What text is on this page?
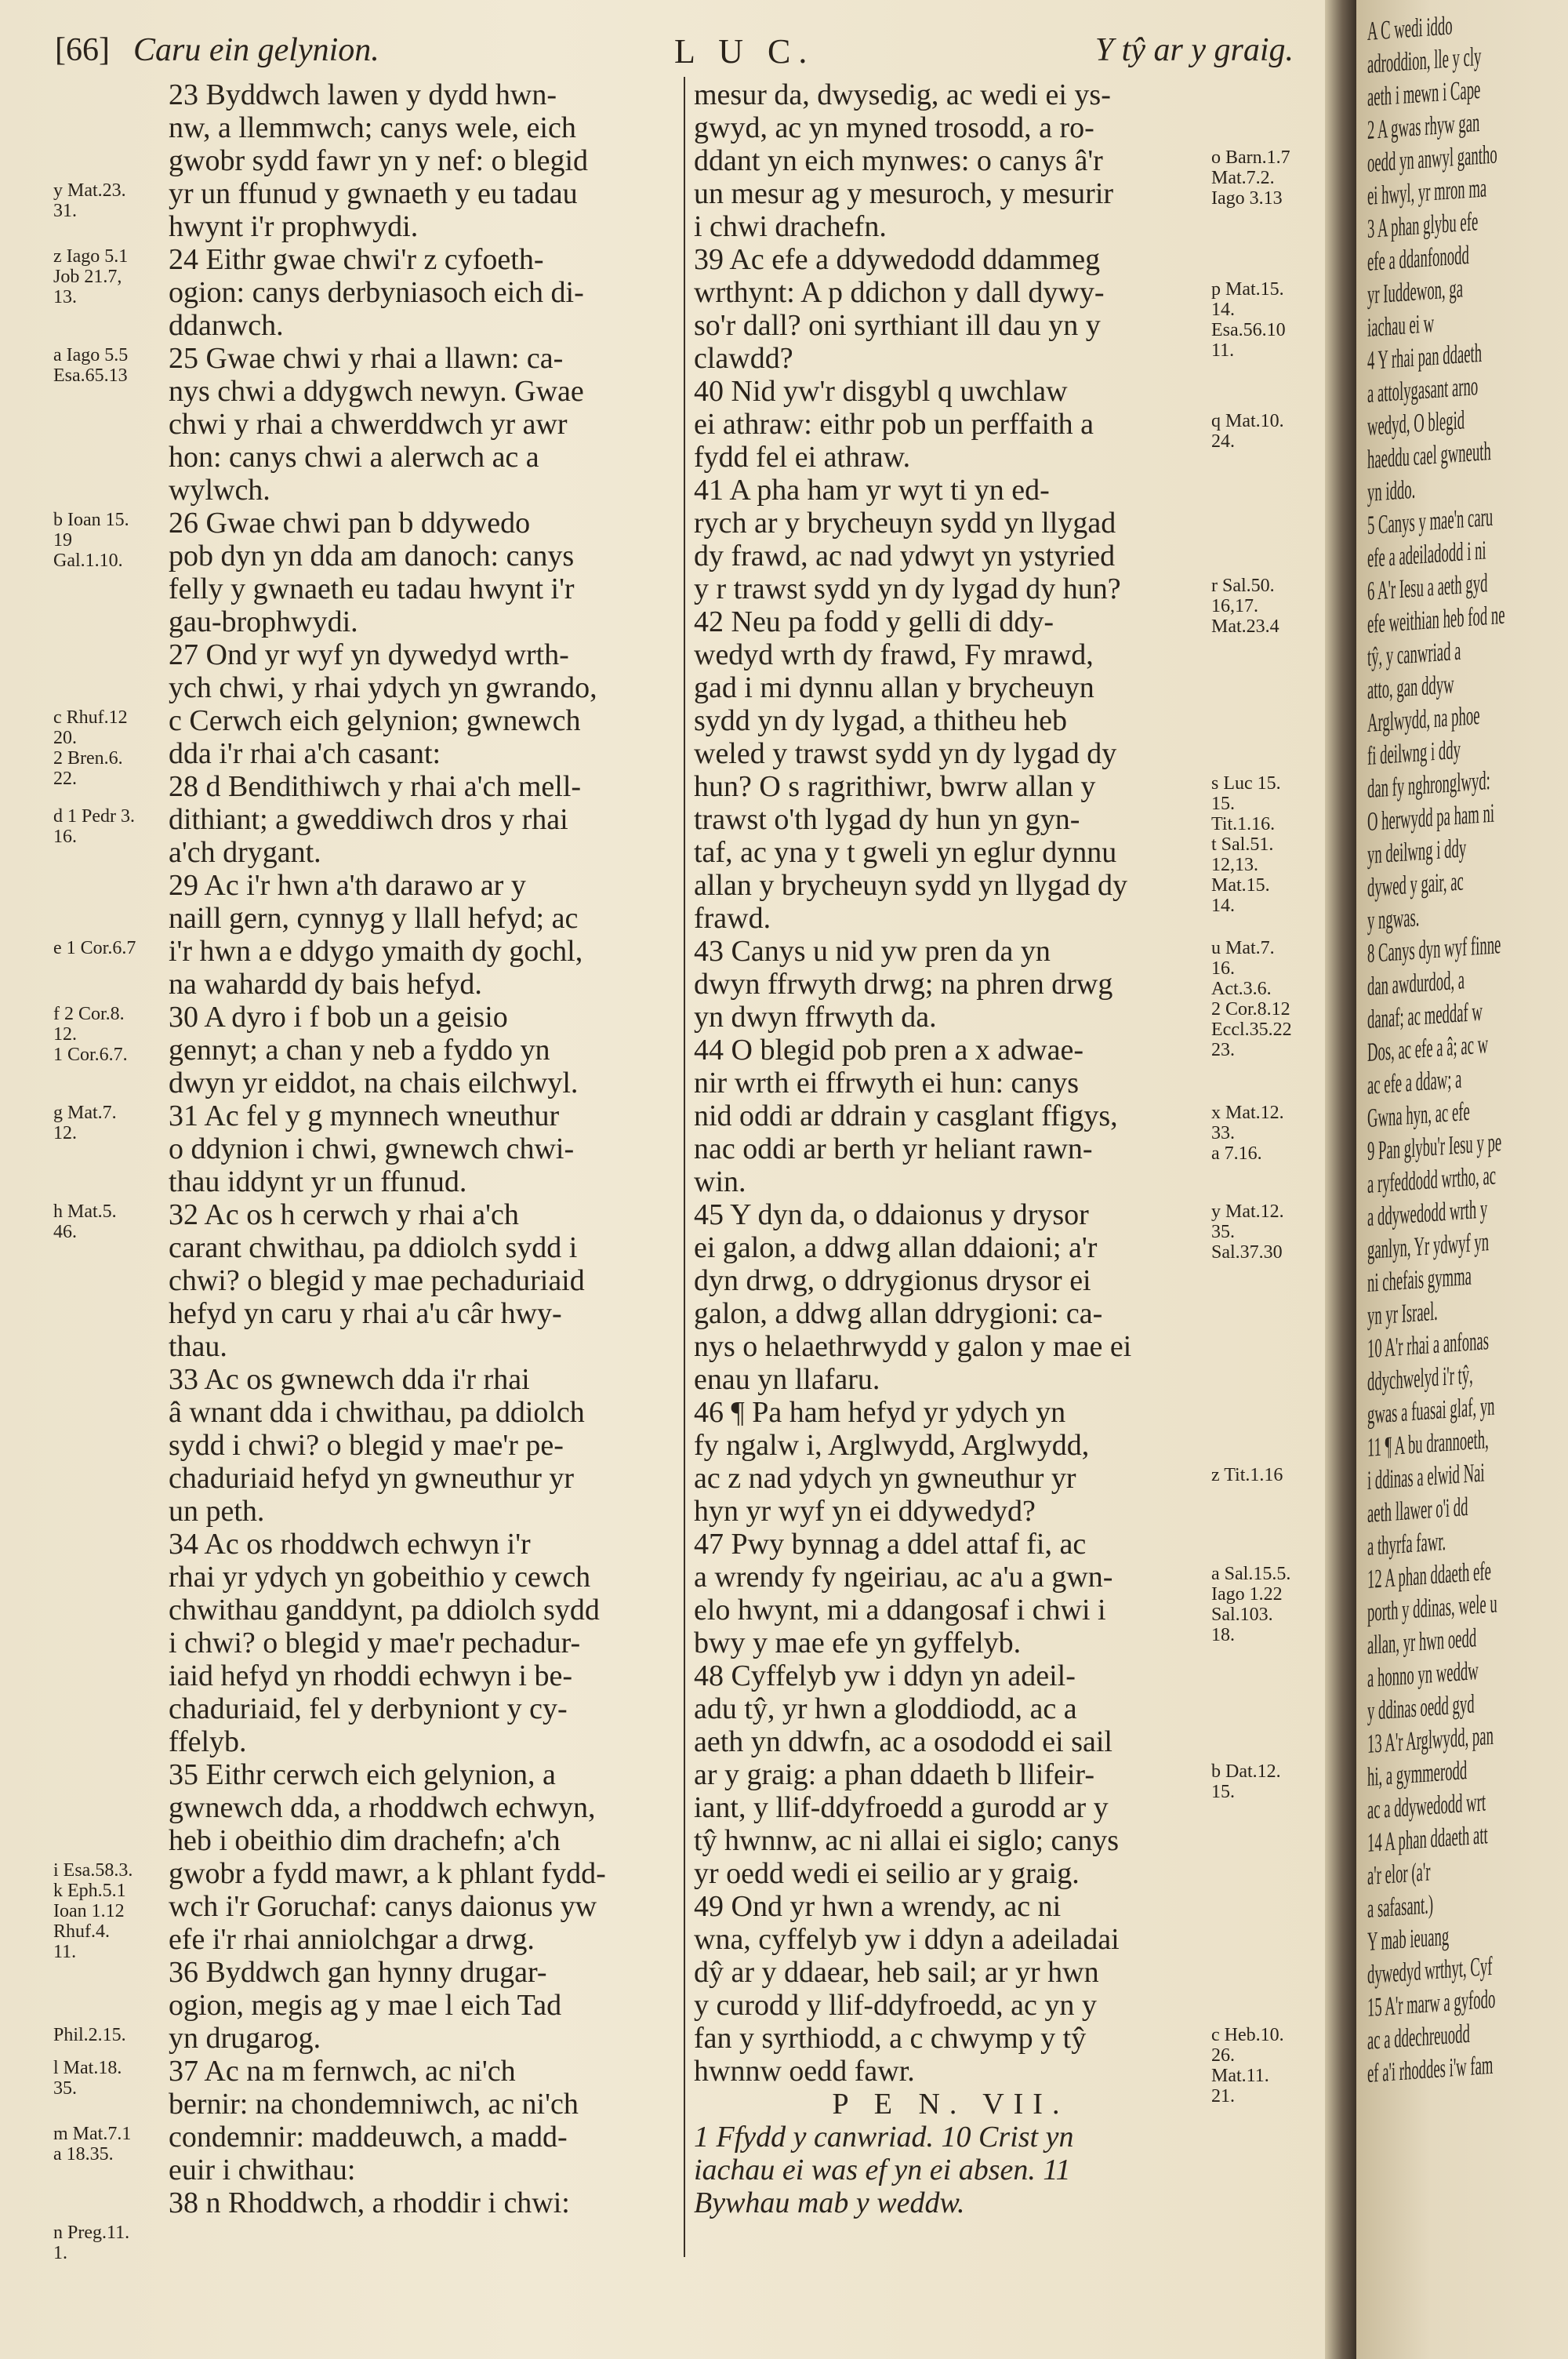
[66] Caru ein gelynion.	L U C.	Y tŷ ar y graig.
y Mat.23.
31.
z Iago 5.1
Job 21.7,
13.
a Iago 5.5
Esa.65.13
b Ioan 15.
19
Gal.1.10.
c Rhuf.12
20.
2 Bren.6.
22.
d 1 Pedr 3.
16.
e 1 Cor.6.7
f 2 Cor.8.
12.
1 Cor.6.7.
g Mat.7.
12.
h Mat.5.
46.
i Esa.58.3.
k Eph.5.1
Ioan 1.12
Rhuf.4.
11.
Phil.2.15.
l Mat.18.
35.
m Mat.7.1
a 18.35.
n Preg.11.
1.
23 Byddwch lawen y dydd hwn-
nw, a llemmwch; canys wele, eich
gwobr sydd fawr yn y nef: o blegid
yr un ffunud y gwnaeth y eu tadau
hwynt i'r prophwydi.
24 Eithr gwae chwi'r z cyfoeth-
ogion: canys derbyniasoch eich di-
ddanwch.
25 Gwae chwi y rhai a llawn: ca-
nys chwi a ddygwch newyn. Gwae
chwi y rhai a chwerddwch yr awr
hon: canys chwi a alerwch ac a
wylwch.
26 Gwae chwi pan b ddywedo
pob dyn yn dda am danoch: canys
felly y gwnaeth eu tadau hwynt i'r
gau-brophwydi.
27 Ond yr wyf yn dywedyd wrth-
ych chwi, y rhai ydych yn gwrando,
c Cerwch eich gelynion; gwnewch
dda i'r rhai a'ch casant:
28 d Bendithiwch y rhai a'ch mell-
dithiant; a gweddiwch dros y rhai
a'ch drygant.
29 Ac i'r hwn a'th darawo ar y
naill gern, cynnyg y llall hefyd; ac
i'r hwn a e ddygo ymaith dy gochl,
na wahardd dy bais hefyd.
30 A dyro i f bob un a geisio
gennyt; a chan y neb a fyddo yn
dwyn yr eiddot, na chais eilchwyl.
31 Ac fel y g mynnech wneuthur
o ddynion i chwi, gwnewch chwi-
thau iddynt yr un ffunud.
32 Ac os h cerwch y rhai a'ch
carant chwithau, pa ddiolch sydd i
chwi? o blegid y mae pechaduriaid
hefyd yn caru y rhai a'u câr hwy-
thau.
33 Ac os gwnewch dda i'r rhai
â wnant dda i chwithau, pa ddiolch
sydd i chwi? o blegid y mae'r pe-
chaduriaid hefyd yn gwneuthur yr
un peth.
34 Ac os rhoddwch echwyn i'r
rhai yr ydych yn gobeithio y cewch
chwithau ganddynt, pa ddiolch sydd
i chwi? o blegid y mae'r pechadur-
iaid hefyd yn rhoddi echwyn i be-
chaduriaid, fel y derbyniont y cy-
ffelyb.
35 Eithr cerwch eich gelynion, a
gwnewch dda, a rhoddwch echwyn,
heb i obeithio dim drachefn; a'ch
gwobr a fydd mawr, a k phlant fydd-
wch i'r Goruchaf: canys daionus yw
efe i'r rhai anniolchgar a drwg.
36 Byddwch gan hynny drugar-
ogion, megis ag y mae l eich Tad
yn drugarog.
37 Ac na m fernwch, ac ni'ch
bernir: na chondemniwch, ac ni'ch
condemnir: maddeuwch, a madd-
euir i chwithau:
38 n Rhoddwch, a rhoddir i chwi:
mesur da, dwysedig, ac wedi ei ys-
gwyd, ac yn myned trosodd, a ro-
ddant yn eich mynwes: o canys â'r
un mesur ag y mesuroch, y mesurir
i chwi drachefn.
39 Ac efe a ddywedodd ddammeg
wrthynt: A p ddichon y dall dywy-
so'r dall? oni syrthiant ill dau yn y
clawdd?
40 Nid yw'r disgybl q uwchlaw
ei athraw: eithr pob un perffaith a
fydd fel ei athraw.
41 A pha ham yr wyt ti yn ed-
rych ar y brycheuyn sydd yn llygad
dy frawd, ac nad ydwyt yn ystyried
y r trawst sydd yn dy lygad dy hun?
42 Neu pa fodd y gelli di ddy-
wedyd wrth dy frawd, Fy mrawd,
gad i mi dynnu allan y brycheuyn
sydd yn dy lygad, a thitheu heb
weled y trawst sydd yn dy lygad dy
hun? O s ragrithiwr, bwrw allan y
trawst o'th lygad dy hun yn gyn-
taf, ac yna y t gweli yn eglur dynnu
allan y brycheuyn sydd yn llygad dy
frawd.
43 Canys u nid yw pren da yn
dwyn ffrwyth drwg; na phren drwg
yn dwyn ffrwyth da.
44 O blegid pob pren a x adwae-
nir wrth ei ffrwyth ei hun: canys
nid oddi ar ddrain y casglant ffigys,
nac oddi ar berth yr heliant rawn-
win.
45 Y dyn da, o ddaionus y drysor
ei galon, a ddwg allan ddaioni; a'r
dyn drwg, o ddrygionus drysor ei
galon, a ddwg allan ddrygioni: ca-
nys o helaethrwydd y galon y mae ei
enau yn llafaru.
46 ¶ Pa ham hefyd yr ydych yn
fy ngalw i, Arglwydd, Arglwydd,
ac z nad ydych yn gwneuthur yr
hyn yr wyf yn ei ddywedyd?
47 Pwy bynnag a ddel attaf fi, ac
a wrendy fy ngeiriau, ac a'u a gwn-
elo hwynt, mi a ddangosaf i chwi i
bwy y mae efe yn gyffelyb.
48 Cyffelyb yw i ddyn yn adeil-
adu tŷ, yr hwn a gloddiodd, ac a
aeth yn ddwfn, ac a osododd ei sail
ar y graig: a phan ddaeth b llifeir-
iant, y llif-ddyfroedd a gurodd ar y
tŷ hwnnw, ac ni allai ei siglo; canys
yr oedd wedi ei seilio ar y graig.
49 Ond yr hwn a wrendy, ac ni
wna, cyffelyb yw i ddyn a adeiladai
dŷ ar y ddaear, heb sail; ar yr hwn
y curodd y llif-ddyfroedd, ac yn y
fan y syrthiodd, a c chwymp y tŷ
hwnnw oedd fawr.
P E N. VII.
1 Ffydd y canwriad. 10 Crist yn
iachau ei was ef yn ei absen. 11
Bywhau mab y weddw.
o Barn.1.7
Mat.7.2.
Iago 3.13
p Mat.15.
14.
Esa.56.10
11.
q Mat.10.
24.
r Sal.50.
16,17.
Mat.23.4
s Luc 15.
15.
Tit.1.16.
t Sal.51.
12,13.
Mat.15.
14.
u Mat.7.
16.
Act.3.6.
2 Cor.8.12
Eccl.35.22
23.
x Mat.12.
33.
a 7.16.
y Mat.12.
35.
Sal.37.30
z Tit.1.16
a Sal.15.5.
Iago 1.22
Sal.103.
18.
b Dat.12.
15.
c Heb.10.
26.
Mat.11.
21.
A C wedi iddo
adroddion, lle y cly
aeth i mewn i Cape
2 A gwas rhyw gan
oedd yn anwyl gantho
ei hwyl, yr mron ma
3 A phan glybu efe
efe a ddanfonodd
yr Iuddewon, ga
iachau ei w
4 Y rhai pan ddaeth
a attolygasant arno
wedyd, O blegid
haeddu cael gwneuth
yn iddo.
5 Canys y mae'n caru
efe a adeiladodd i ni
6 A'r Iesu a aeth gyd
efe weithian heb fod ne
tŷ, y canwriad a
atto, gan ddyw
Arglwydd, na phoe
fi deilwng i ddy
dan fy nghronglwyd:
O herwydd pa ham ni
yn deilwng i ddy
dywed y gair, ac
y ngwas.
8 Canys dyn wyf finne
dan awdurdod, a
danaf; ac meddaf w
Dos, ac efe a â; ac w
ac efe a ddaw; a
Gwna hyn, ac efe
9 Pan glybu'r Iesu y pe
a ryfeddodd wrtho, ac
a ddywedodd wrth y
ganlyn, Yr ydwyf yn
ni chefais gymma
yn yr Israel.
10 A'r rhai a anfonas
ddychwelyd i'r tŷ,
gwas a fuasai glaf, yn
11 ¶ A bu drannoeth,
i ddinas a elwid Nai
aeth llawer o'i dd
a thyrfa fawr.
12 A phan ddaeth efe
porth y ddinas, wele u
allan, yr hwn oedd
a honno yn weddw
y ddinas oedd gyd
13 A'r Arglwydd, pan
hi, a gymmerodd
ac a ddywedodd wrt
14 A phan ddaeth att
a'r elor (a'r
a safasant.)
Y mab ieuang
dywedyd wrthyt, Cyf
15 A'r marw a gyfodo
ac a ddechreuodd
ef a'i rhoddes i'w fam
